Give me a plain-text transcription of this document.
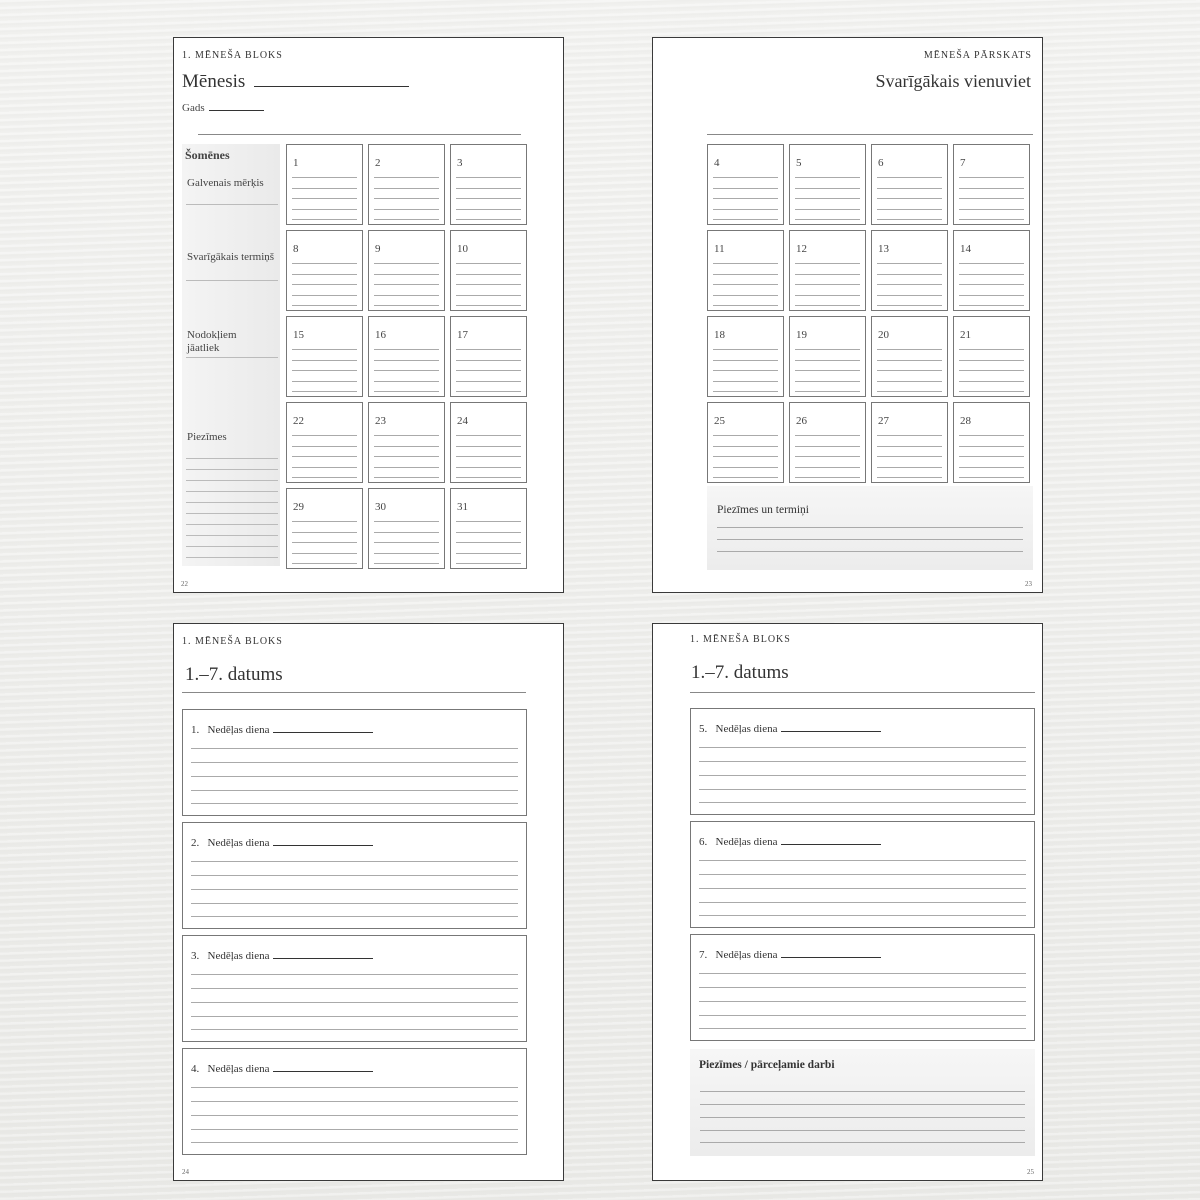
1. MĒNEŠA BLOKS
Mēnesis
Gads
Šomēnes
Galvenais mērķis
Svarīgākais termiņš
Nodokļiem jāatliek
Piezīmes
1	2	3
8	9	10
15	16	17
22	23	24
29	30	31
22
MĒNEŠA PĀRSKATS
Svarīgākais vienuviet
4	5	6	7
11	12	13	14
18	19	20	21
25	26	27	28
Piezīmes un termiņi
23
1. MĒNEŠA BLOKS
1.–7. datums
1.   Nedēļas diena
2.   Nedēļas diena
3.   Nedēļas diena
4.   Nedēļas diena
24
1. MĒNEŠA BLOKS
1.–7. datums
5.   Nedēļas diena
6.   Nedēļas diena
7.   Nedēļas diena
Piezīmes / pārceļamie darbi
25
